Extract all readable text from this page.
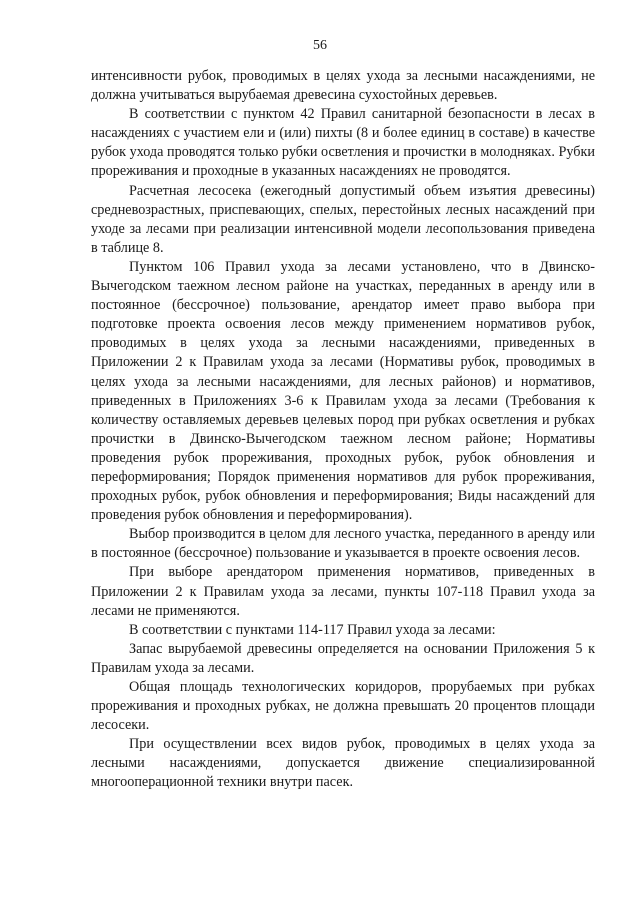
56

интенсивности рубок, проводимых в целях ухода за лесными насаждениями, не должна учитываться вырубаемая древесина сухостойных деревьев.

В соответствии с пунктом 42 Правил санитарной безопасности в лесах в насаждениях с участием ели и (или) пихты (8 и более единиц в составе) в качестве рубок ухода проводятся только рубки осветления и прочистки в молодняках. Рубки прореживания и проходные в указанных насаждениях не проводятся.

Расчетная лесосека (ежегодный допустимый объем изъятия древесины) средневозрастных, приспевающих, спелых, перестойных лесных насаждений при уходе за лесами при реализации интенсивной модели лесопользования приведена в таблице 8.

Пунктом 106 Правил ухода за лесами установлено, что в Двинско-Вычегодском таежном лесном районе на участках, переданных в аренду или в постоянное (бессрочное) пользование, арендатор имеет право выбора при подготовке проекта освоения лесов между применением нормативов рубок, проводимых в целях ухода за лесными насаждениями, приведенных в Приложении 2 к Правилам ухода за лесами (Нормативы рубок, проводимых в целях ухода за лесными насаждениями, для лесных районов) и нормативов, приведенных в Приложениях 3-6 к Правилам ухода за лесами (Требования к количеству оставляемых деревьев целевых пород при рубках осветления и рубках прочистки в Двинско-Вычегодском таежном лесном районе; Нормативы проведения рубок прореживания, проходных рубок, рубок обновления и переформирования; Порядок применения нормативов для рубок прореживания, проходных рубок, рубок обновления и переформирования; Виды насаждений для проведения рубок обновления и переформирования).

Выбор производится в целом для лесного участка, переданного в аренду или в постоянное (бессрочное) пользование и указывается в проекте освоения лесов.

При выборе арендатором применения нормативов, приведенных в Приложении 2 к Правилам ухода за лесами, пункты 107-118 Правил ухода за лесами не применяются.

В соответствии с пунктами 114-117 Правил ухода за лесами:

Запас вырубаемой древесины определяется на основании Приложения 5 к Правилам ухода за лесами.

Общая площадь технологических коридоров, прорубаемых при рубках прореживания и проходных рубках, не должна превышать 20 процентов площади лесосеки.

При осуществлении всех видов рубок, проводимых в целях ухода за лесными насаждениями, допускается движение специализированной многооперационной техники внутри пасек.
